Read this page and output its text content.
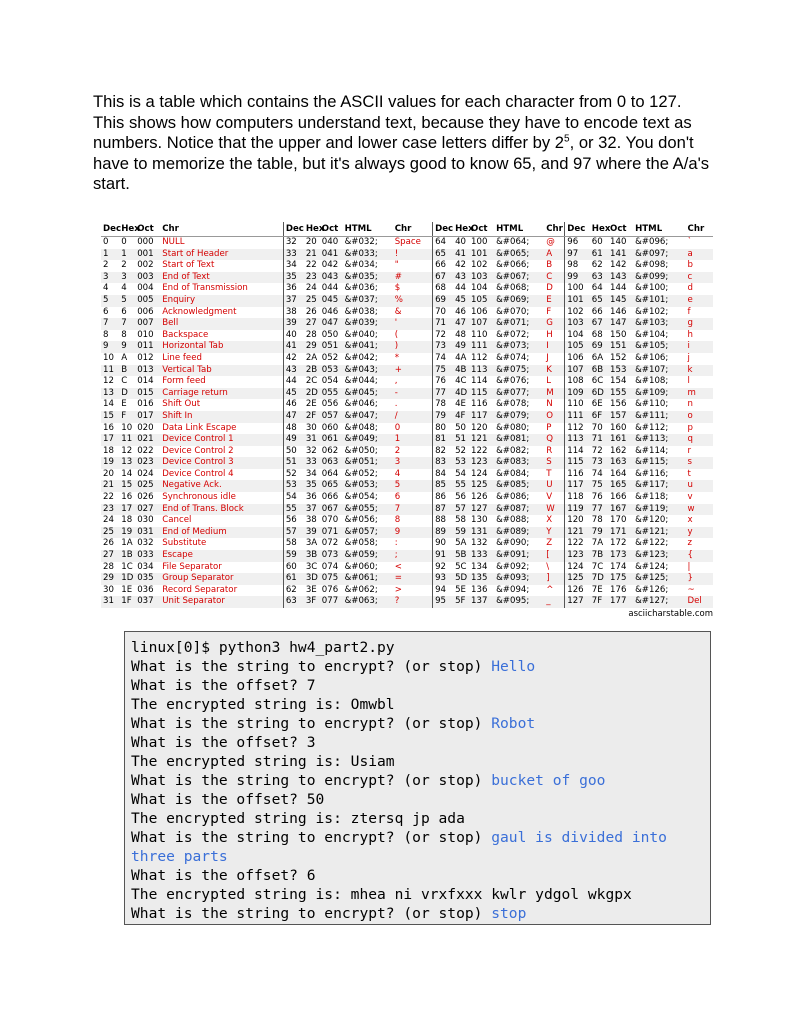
This is a table which contains the ASCII values for each character from 0 to 127. This shows how computers understand text, because they have to encode text as numbers. Notice that the upper and lower case letters differ by $2^5$, or 32. You don't have to memorize the table, but it's always good to know 65, and 97 where the A/a's start.

Dec	Hex	Oct	Chr	Dec	Hex	Oct	HTML	Chr	Dec	Hex	Oct	HTML	Chr	Dec	Hex	Oct	HTML	Chr
0	0	000	NULL	32	20	040	&#032;	Space	64	40	100	&#064;	@	96	60	140	&#096;	`
1	1	001	Start of Header	33	21	041	&#033;	!	65	41	101	&#065;	A	97	61	141	&#097;	a
2	2	002	Start of Text	34	22	042	&#034;	"	66	42	102	&#066;	B	98	62	142	&#098;	b
3	3	003	End of Text	35	23	043	&#035;	#	67	43	103	&#067;	C	99	63	143	&#099;	c
4	4	004	End of Transmission	36	24	044	&#036;	$	68	44	104	&#068;	D	100	64	144	&#100;	d
5	5	005	Enquiry	37	25	045	&#037;	%	69	45	105	&#069;	E	101	65	145	&#101;	e
6	6	006	Acknowledgment	38	26	046	&#038;	&	70	46	106	&#070;	F	102	66	146	&#102;	f
7	7	007	Bell	39	27	047	&#039;	'	71	47	107	&#071;	G	103	67	147	&#103;	g
8	8	010	Backspace	40	28	050	&#040;	(	72	48	110	&#072;	H	104	68	150	&#104;	h
9	9	011	Horizontal Tab	41	29	051	&#041;	)	73	49	111	&#073;	I	105	69	151	&#105;	i
10	A	012	Line feed	42	2A	052	&#042;	*	74	4A	112	&#074;	J	106	6A	152	&#106;	j
11	B	013	Vertical Tab	43	2B	053	&#043;	+	75	4B	113	&#075;	K	107	6B	153	&#107;	k
12	C	014	Form feed	44	2C	054	&#044;	,	76	4C	114	&#076;	L	108	6C	154	&#108;	l
13	D	015	Carriage return	45	2D	055	&#045;	-	77	4D	115	&#077;	M	109	6D	155	&#109;	m
14	E	016	Shift Out	46	2E	056	&#046;	.	78	4E	116	&#078;	N	110	6E	156	&#110;	n
15	F	017	Shift In	47	2F	057	&#047;	/	79	4F	117	&#079;	O	111	6F	157	&#111;	o
16	10	020	Data Link Escape	48	30	060	&#048;	0	80	50	120	&#080;	P	112	70	160	&#112;	p
17	11	021	Device Control 1	49	31	061	&#049;	1	81	51	121	&#081;	Q	113	71	161	&#113;	q
18	12	022	Device Control 2	50	32	062	&#050;	2	82	52	122	&#082;	R	114	72	162	&#114;	r
19	13	023	Device Control 3	51	33	063	&#051;	3	83	53	123	&#083;	S	115	73	163	&#115;	s
20	14	024	Device Control 4	52	34	064	&#052;	4	84	54	124	&#084;	T	116	74	164	&#116;	t
21	15	025	Negative Ack.	53	35	065	&#053;	5	85	55	125	&#085;	U	117	75	165	&#117;	u
22	16	026	Synchronous idle	54	36	066	&#054;	6	86	56	126	&#086;	V	118	76	166	&#118;	v
23	17	027	End of Trans. Block	55	37	067	&#055;	7	87	57	127	&#087;	W	119	77	167	&#119;	w
24	18	030	Cancel	56	38	070	&#056;	8	88	58	130	&#088;	X	120	78	170	&#120;	x
25	19	031	End of Medium	57	39	071	&#057;	9	89	59	131	&#089;	Y	121	79	171	&#121;	y
26	1A	032	Substitute	58	3A	072	&#058;	:	90	5A	132	&#090;	Z	122	7A	172	&#122;	z
27	1B	033	Escape	59	3B	073	&#059;	;	91	5B	133	&#091;	[	123	7B	173	&#123;	{
28	1C	034	File Separator	60	3C	074	&#060;	<	92	5C	134	&#092;	\	124	7C	174	&#124;	|
29	1D	035	Group Separator	61	3D	075	&#061;	=	93	5D	135	&#093;	]	125	7D	175	&#125;	}
30	1E	036	Record Separator	62	3E	076	&#062;	>	94	5E	136	&#094;	^	126	7E	176	&#126;	~
31	1F	037	Unit Separator	63	3F	077	&#063;	?	95	5F	137	&#095;	_	127	7F	177	&#127;	Del
asciicharstable.com
linux[0]$ python3 hw4_part2.py
What is the string to encrypt? (or stop) Hello
What is the offset? 7
The encrypted string is: Omwbl
What is the string to encrypt? (or stop) Robot
What is the offset? 3
The encrypted string is: Usiam
What is the string to encrypt? (or stop) bucket of goo
What is the offset? 50
The encrypted string is: ztersq jp ada
What is the string to encrypt? (or stop) gaul is divided into three parts
What is the offset? 6
The encrypted string is: mhea ni vrxfxxx kwlr ydgol wkgpx
What is the string to encrypt? (or stop) stop
